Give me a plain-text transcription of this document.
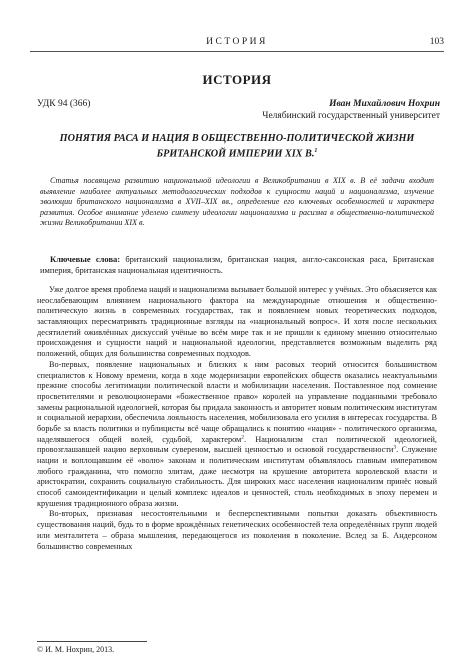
ИСТОРИЯ	103
ИСТОРИЯ
УДК 94 (366)	Иван Михайлович Нохрин
Челябинский государственный университет
ПОНЯТИЯ РАСА И НАЦИЯ В ОБЩЕСТВЕННО-ПОЛИТИЧЕСКОЙ ЖИЗНИ БРИТАНСКОЙ ИМПЕРИИ XIX В.$^1$
Статья посвящена развитию национальной идеологии в Великобритании в XIX в. В её задачи входит выявление наиболее актуальных методологических подходов к сущности наций и национализма, изучение эволюции британского национализма в XVII–XIX вв., определение его ключевых особенностей и характера развития. Особое внимание уделено синтезу идеологии национализма и расизма в общественно-политической жизни Великобритании XIX в.
Ключевые слова: британский национализм, британская нация, англо-саксонская раса, Британская империя, британская национальная идентичность.

Уже долгое время проблема наций и национализма вызывает большой интерес у учёных. Это объясняется как неослабевающим влиянием национального фактора на международные отношения и общественно-политическую жизнь в современных государствах, так и появлением новых теоретических подходов, заставляющих пересматривать традиционные взгляды на «национальный вопрос». И хотя после нескольких десятилетий оживлённых дискуссий учёные во всём мире так и не пришли к единому мнению относительно происхождения и сущности наций и национальной идеологии, представляется возможным выделить ряд положений, общих для большинства современных подходов.

Во-первых, появление национальных и близких к ним расовых теорий относится большинством специалистов к Новому времени, когда в ходе модернизации европейских обществ оказались неактуальными прежние способы легитимации политической власти и мобилизации населения. Поставленное под сомнение просветителями и революционерами «божественное право» королей на управление подданными требовало замены рациональной идеологией, которая бы придала законность и авторитет новым политическим институтам и социальной иерархии, обеспечила лояльность населения, мобилизовала его усилия в интересах государства. В борьбе за власть политики и публицисты всё чаще обращались к понятию «нация» - политического организма, наделявшегося общей волей, судьбой, характером$^2$. Национализм стал политической идеологией, провозглашавшей нацию верховным сувереном, высшей ценностью и основой государственности$^3$. Служение нации и воплощавшим её «волю» законам и политическим институтам объявлялось главным императивом любого гражданина, что помогло элитам, даже несмотря на крушение авторитета королевской власти и аристократии, сохранить социальную стабильность. Для широких масс населения национализм принёс новый способ самоидентификации и целый комплекс идеалов и ценностей, столь необходимых в эпоху перемен и крушения традиционного образа жизни.

Во-вторых, признавая несостоятельными и бесперспективными попытки доказать объективность существования наций, будь то в форме врождённых генетических особенностей тела определённых групп людей или менталитета – образа мышления, передающегося из поколения в поколение. Вслед за Б. Андерсоном большинство современных

© И. М. Нохрин, 2013.
